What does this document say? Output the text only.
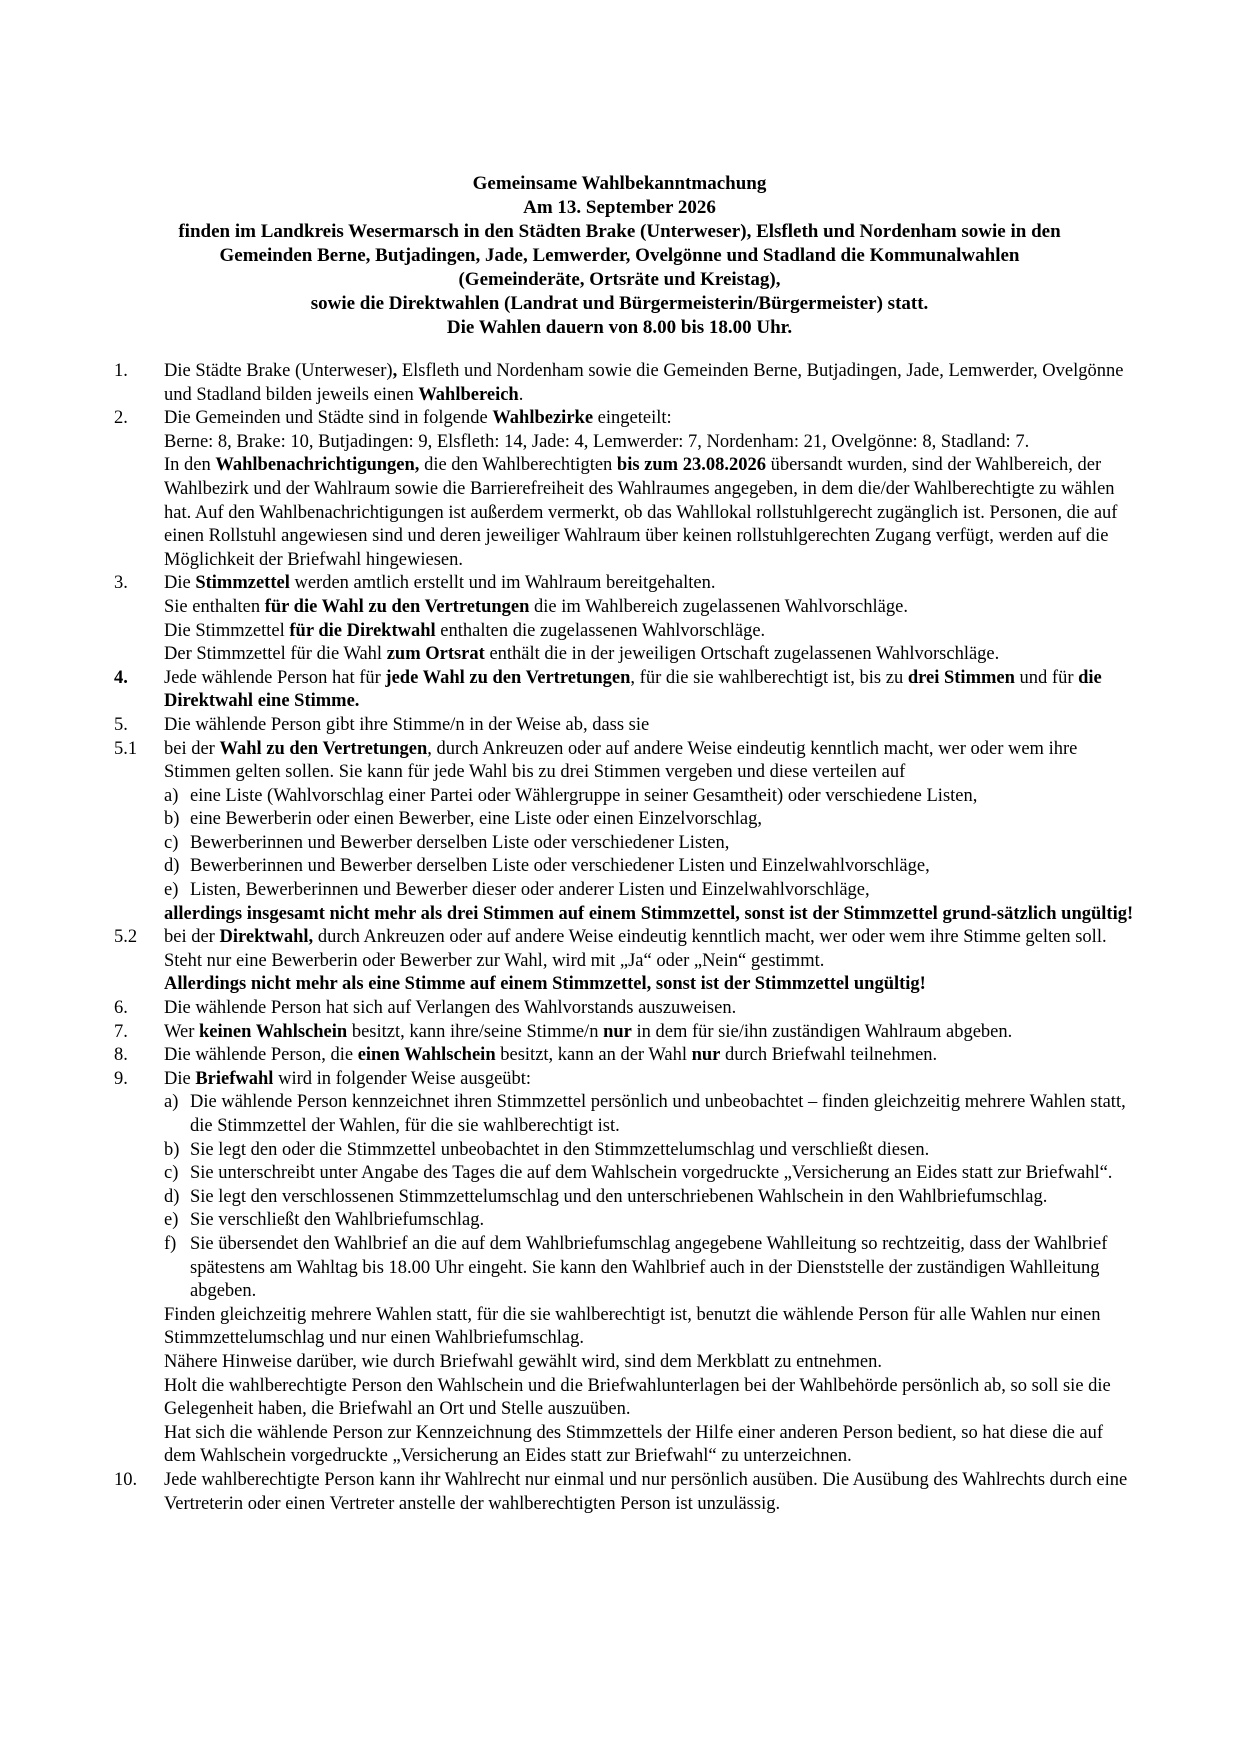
Gemeinsame Wahlbekanntmachung
Am 13. September 2026
finden im Landkreis Wesermarsch in den Städten Brake (Unterweser), Elsfleth und Nordenham sowie in den
Gemeinden Berne, Butjadingen, Jade, Lemwerder, Ovelgönne und Stadland die Kommunalwahlen
(Gemeinderäte, Ortsräte und Kreistag),
sowie die Direktwahlen (Landrat und Bürgermeisterin/Bürgermeister) statt.
Die Wahlen dauern von 8.00 bis 18.00 Uhr.
1.	Die Städte Brake (Unterweser), Elsfleth und Nordenham sowie die Gemeinden Berne, Butjadingen, Jade, Lemwerder, Ovelgönne und Stadland bilden jeweils einen Wahlbereich.
2.	Die Gemeinden und Städte sind in folgende Wahlbezirke eingeteilt:

Berne: 8, Brake: 10, Butjadingen: 9, Elsfleth: 14, Jade: 4, Lemwerder: 7, Nordenham: 21, Ovelgönne: 8, Stadland: 7.

In den Wahlbenachrichtigungen, die den Wahlberechtigten bis zum 23.08.2026 übersandt wurden, sind der Wahlbereich, der Wahlbezirk und der Wahlraum sowie die Barrierefreiheit des Wahlraumes angegeben, in dem die/der Wahlberechtigte zu wählen hat. Auf den Wahlbenachrichtigungen ist außerdem vermerkt, ob das Wahllokal rollstuhlgerecht zugänglich ist. Personen, die auf einen Rollstuhl angewiesen sind und deren jeweiliger Wahlraum über keinen rollstuhlgerechten Zugang verfügt, werden auf die Möglichkeit der Briefwahl hingewiesen.

3.	Die Stimmzettel werden amtlich erstellt und im Wahlraum bereitgehalten.

Sie enthalten für die Wahl zu den Vertretungen die im Wahlbereich zugelassenen Wahlvorschläge.

Die Stimmzettel für die Direktwahl enthalten die zugelassenen Wahlvorschläge.

Der Stimmzettel für die Wahl zum Ortsrat enthält die in der jeweiligen Ortschaft zugelassenen Wahlvorschläge.

4.	Jede wählende Person hat für jede Wahl zu den Vertretungen, für die sie wahlberechtigt ist, bis zu drei Stimmen und für die Direktwahl eine Stimme.
5.	Die wählende Person gibt ihre Stimme/n in der Weise ab, dass sie
5.1	bei der Wahl zu den Vertretungen, durch Ankreuzen oder auf andere Weise eindeutig kenntlich macht, wer oder wem ihre Stimmen gelten sollen. Sie kann für jede Wahl bis zu drei Stimmen vergeben und diese verteilen auf

a) eine Liste (Wahlvorschlag einer Partei oder Wählergruppe in seiner Gesamtheit) oder verschiedene Listen,
b) eine Bewerberin oder einen Bewerber, eine Liste oder einen Einzelvorschlag,
c) Bewerberinnen und Bewerber derselben Liste oder verschiedener Listen,
d) Bewerberinnen und Bewerber derselben Liste oder verschiedener Listen und Einzelwahlvorschläge,
e) Listen, Bewerberinnen und Bewerber dieser oder anderer Listen und Einzelwahlvorschläge,

allerdings insgesamt nicht mehr als drei Stimmen auf einem Stimmzettel, sonst ist der Stimmzettel grund-sätzlich ungültig!

5.2	bei der Direktwahl, durch Ankreuzen oder auf andere Weise eindeutig kenntlich macht, wer oder wem ihre Stimme gelten soll. Steht nur eine Bewerberin oder Bewerber zur Wahl, wird mit „Ja“ oder „Nein“ gestimmt.

Allerdings nicht mehr als eine Stimme auf einem Stimmzettel, sonst ist der Stimmzettel ungültig!

6.	Die wählende Person hat sich auf Verlangen des Wahlvorstands auszuweisen.
7.	Wer keinen Wahlschein besitzt, kann ihre/seine Stimme/n nur in dem für sie/ihn zuständigen Wahlraum abgeben.
8.	Die wählende Person, die einen Wahlschein besitzt, kann an der Wahl nur durch Briefwahl teilnehmen.
9.	Die Briefwahl wird in folgender Weise ausgeübt:

a) Die wählende Person kennzeichnet ihren Stimmzettel persönlich und unbeobachtet – finden gleichzeitig mehrere Wahlen statt, die Stimmzettel der Wahlen, für die sie wahlberechtigt ist.
b) Sie legt den oder die Stimmzettel unbeobachtet in den Stimmzettelumschlag und verschließt diesen.
c) Sie unterschreibt unter Angabe des Tages die auf dem Wahlschein vorgedruckte „Versicherung an Eides statt zur Briefwahl“.
d) Sie legt den verschlossenen Stimmzettelumschlag und den unterschriebenen Wahlschein in den Wahlbriefumschlag.
e) Sie verschließt den Wahlbriefumschlag.
f) Sie übersendet den Wahlbrief an die auf dem Wahlbriefumschlag angegebene Wahlleitung so rechtzeitig, dass der Wahlbrief spätestens am Wahltag bis 18.00 Uhr eingeht. Sie kann den Wahlbrief auch in der Dienststelle der zuständigen Wahlleitung abgeben.

Finden gleichzeitig mehrere Wahlen statt, für die sie wahlberechtigt ist, benutzt die wählende Person für alle Wahlen nur einen Stimmzettelumschlag und nur einen Wahlbriefumschlag.

Nähere Hinweise darüber, wie durch Briefwahl gewählt wird, sind dem Merkblatt zu entnehmen.

Holt die wahlberechtigte Person den Wahlschein und die Briefwahlunterlagen bei der Wahlbehörde persönlich ab, so soll sie die Gelegenheit haben, die Briefwahl an Ort und Stelle auszuüben.

Hat sich die wählende Person zur Kennzeichnung des Stimmzettels der Hilfe einer anderen Person bedient, so hat diese die auf dem Wahlschein vorgedruckte „Versicherung an Eides statt zur Briefwahl“ zu unterzeichnen.

10.	Jede wahlberechtigte Person kann ihr Wahlrecht nur einmal und nur persönlich ausüben. Die Ausübung des Wahlrechts durch eine Vertreterin oder einen Vertreter anstelle der wahlberechtigten Person ist unzulässig.
